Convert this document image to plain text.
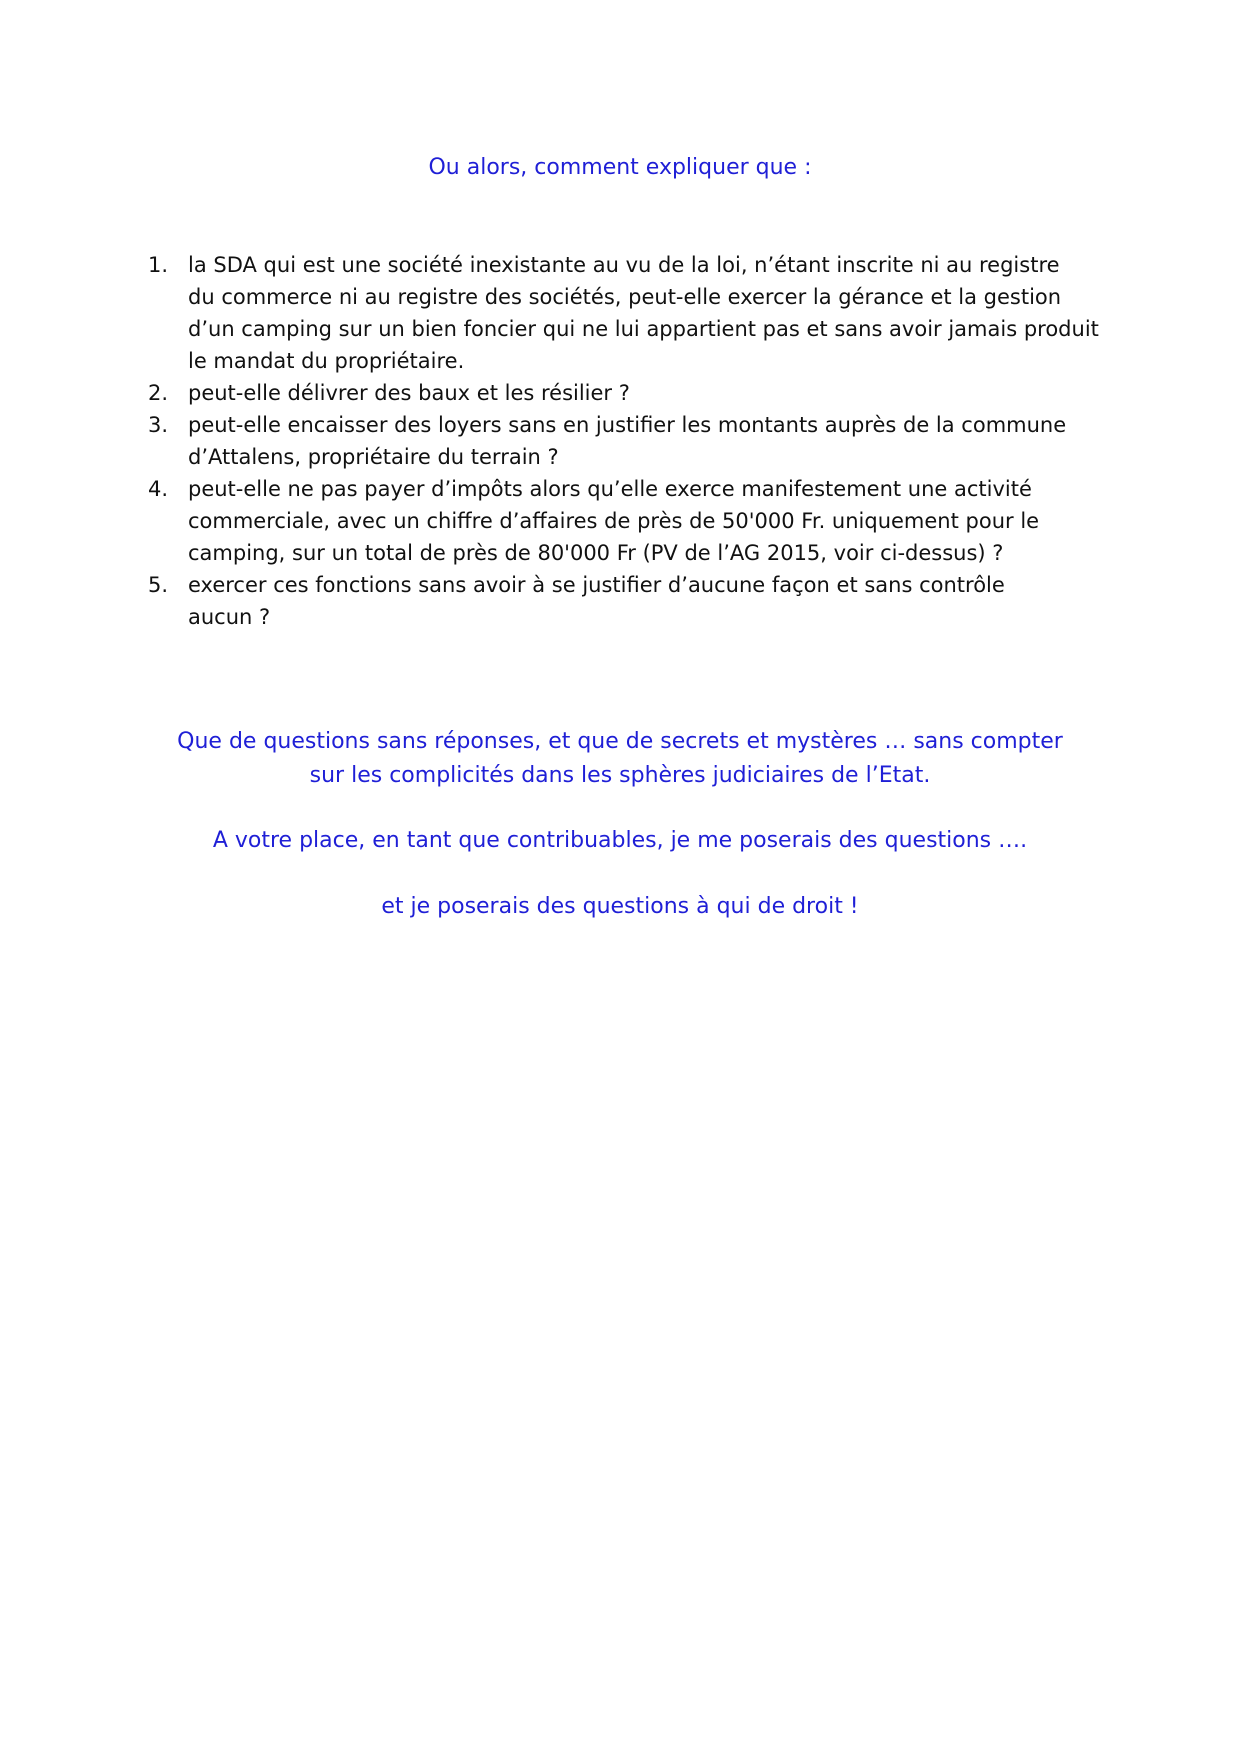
Ou alors, comment expliquer que :
1. la SDA qui est une société inexistante au vu de la loi, n’étant inscrite ni au registre
du commerce ni au registre des sociétés, peut-elle exercer la gérance et la gestion
d’un camping sur un bien foncier qui ne lui appartient pas et sans avoir jamais produit
le mandat du propriétaire.
2. peut-elle délivrer des baux et les résilier ?
3. peut-elle encaisser des loyers sans en justifier les montants auprès de la commune
d’Attalens, propriétaire du terrain ?
4. peut-elle ne pas payer d’impôts alors qu’elle exerce manifestement une activité
commerciale, avec un chiffre d’affaires de près de 50'000 Fr. uniquement pour le
camping, sur un total de près de 80'000 Fr (PV de l’AG 2015, voir ci-dessus) ?
5. exercer ces fonctions sans avoir à se justifier d’aucune façon et sans contrôle
aucun ?
Que de questions sans réponses, et que de secrets et mystères … sans compter
sur les complicités dans les sphères judiciaires de l’Etat.

A votre place, en tant que contribuables, je me poserais des questions ….

et je poserais des questions à qui de droit !
